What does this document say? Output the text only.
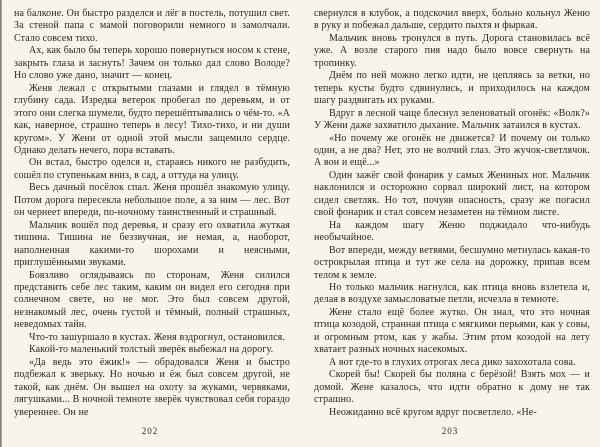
на балконе. Он быстро разделся и лёг в постель, потушил свет. За стеной папа с мамой поговорили немного и замолчали. Стало совсем тихо.

Ах, как было бы теперь хорошо повернуться носом к стене, закрыть глаза и заснуть! Зачем он только дал слово Володе? Но слово уже дано, значит — конец.

Женя лежал с открытыми глазами и глядел в тёмную глубину сада. Изредка ветерок пробегал по деревьям, и от этого они слегка шумели, будто перешёптывались о чём-то. «А как, наверное, страшно теперь в лесу! Тихо-тихо, и ни души кругом». У Жени от одной этой мысли защемило сердце. Однако делать нечего, пора вставать.

Он встал, быстро оделся и, стараясь никого не разбудить, сошёл по ступенькам вниз, в сад, а оттуда на улицу.

Весь дачный посёлок спал. Женя прошёл знакомую улицу. Потом дорога пересекла небольшое поле, а за ним — лес. Вот он чернеет впереди, по-ночному таинственный и страшный.

Мальчик вошёл под деревья, и сразу его охватила жуткая тишина. Тишина не беззвучная, не немая, а, наоборот, наполненная какими-то шорохами и неясными, приглушёнными звуками.

Боязливо оглядываясь по сторонам, Женя силился представить себе лес таким, каким он видел его сегодня при солнечном свете, но не мог. Это был совсем другой, незнакомый лес, очень густой и тёмный, полный страшных, неведомых тайн.

Что-то зашуршало в кустах. Женя вздрогнул, остановился.

Какой-то маленький толстый зверёк выбежал на дорогу.

«Да ведь это ёжик!» — обрадовался Женя и быстро подбежал к зверьку. Но ночью и ёж был совсем другой, не такой, как днём. Он вышел на охоту за жуками, червяками, лягушками... В ночной темноте зверёк чувствовал себя гораздо увереннее. Он не

202

свернулся в клубок, а подскочил вверх, больно кольнул Женю в руку и побежал дальше, сердито пыхтя и фыркая.

Мальчик вновь тронулся в путь. Дорога становилась всё уже. А возле старого пня надо было вовсе свернуть на тропинку.

Днём по ней можно легко идти, не цепляясь за ветки, но теперь кусты будто сдвинулись, и приходилось на каждом шагу раздвигать их руками.

Вдруг в лесной чаще блеснул зеленоватый огонёк: «Волк?» У Жени даже захватило дыхание. Мальчик затаился в кустах.

«Но почему же огонёк не движется? И почему он только один, а не два? Нет, это не волчий глаз. Это жучок-светлячок. А вон и ещё...»

Один зажёг свой фонарик у самых Жениных ног. Мальчик наклонился и осторожно сорвал широкий лист, на котором сидел светляк. Но тот, почуяв опасность, сразу же погасил свой фонарик и стал совсем незаметен на тёмном листе.

На каждом шагу Женю поджидало что-нибудь необычайное.

Вот впереди, между ветвями, бесшумно метнулась какая-то острокрылая птица и тут же села на дорожку, припав всем телом к земле.

Но только мальчик нагнулся, как птица вновь взлетела и, делая в воздухе замысловатые петли, исчезла в темноте.

Жене стало ещё более жутко. Он знал, что это ночная птица козодой, странная птица с мягкими перьями, как у совы, и огромным ртом, как у жабы. Этим ртом козодой на лету хватает разных ночных насекомых.

А вот где-то в глухих отрогах леса дико захохотала сова.

Скорей бы! Скорей бы поляна с берёзой! Взять мох — и домой. Жене казалось, что идти обратно к дому не так страшно.

Неожиданно всё кругом вдруг посветлело. «Не-

203
